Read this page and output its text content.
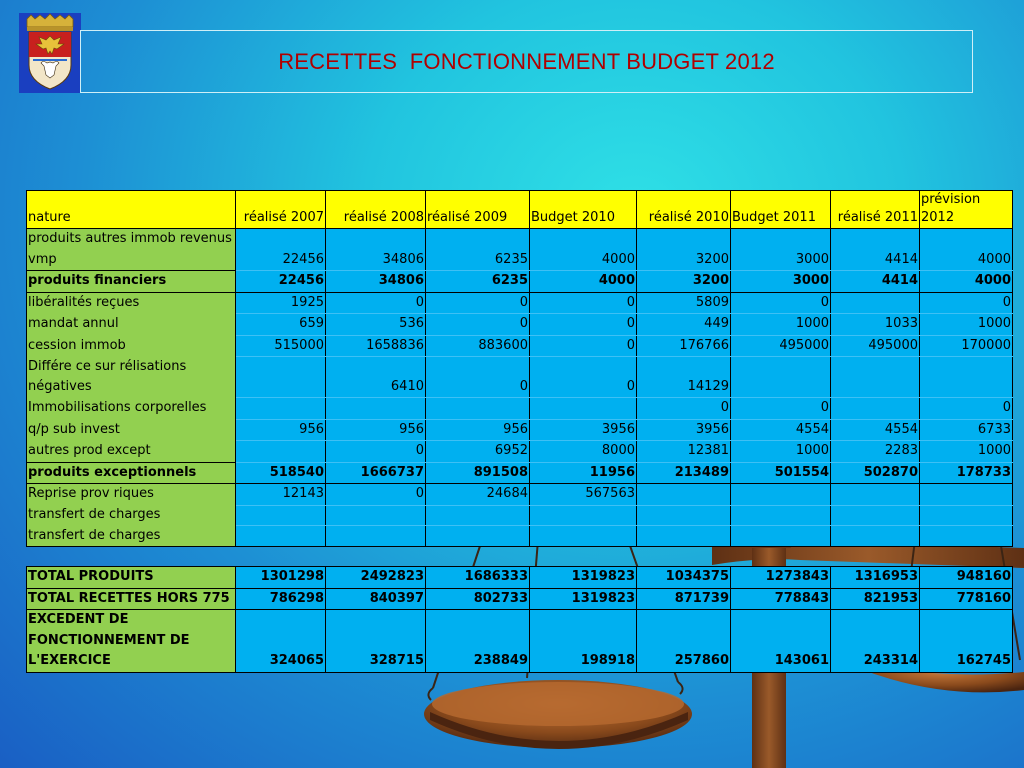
RECETTES  FONCTIONNEMENT BUDGET 2012
nature	réalisé 2007	réalisé 2008	réalisé 2009	Budget 2010	réalisé 2010	Budget 2011	réalisé 2011	prévision 2012
produits autres immob revenus vmp	22456	34806	6235	4000	3200	3000	4414	4000
produits financiers	22456	34806	6235	4000	3200	3000	4414	4000
libéralités reçues	1925	0	0	0	5809	0		0
mandat annul	659	536	0	0	449	1000	1033	1000
cession immob	515000	1658836	883600	0	176766	495000	495000	170000
Différe ce sur rélisations négatives		6410	0	0	14129			
Immobilisations corporelles					0	0		0
q/p sub invest	956	956	956	3956	3956	4554	4554	6733
autres prod except		0	6952	8000	12381	1000	2283	1000
produits exceptionnels	518540	1666737	891508	11956	213489	501554	502870	178733
Reprise prov riques	12143	0	24684	567563				
transfert de charges								
transfert de charges								

TOTAL PRODUITS	1301298	2492823	1686333	1319823	1034375	1273843	1316953	948160
TOTAL RECETTES HORS 775	786298	840397	802733	1319823	871739	778843	821953	778160
EXCEDENT DE FONCTIONNEMENT DE L'EXERCICE	324065	328715	238849	198918	257860	143061	243314	162745
